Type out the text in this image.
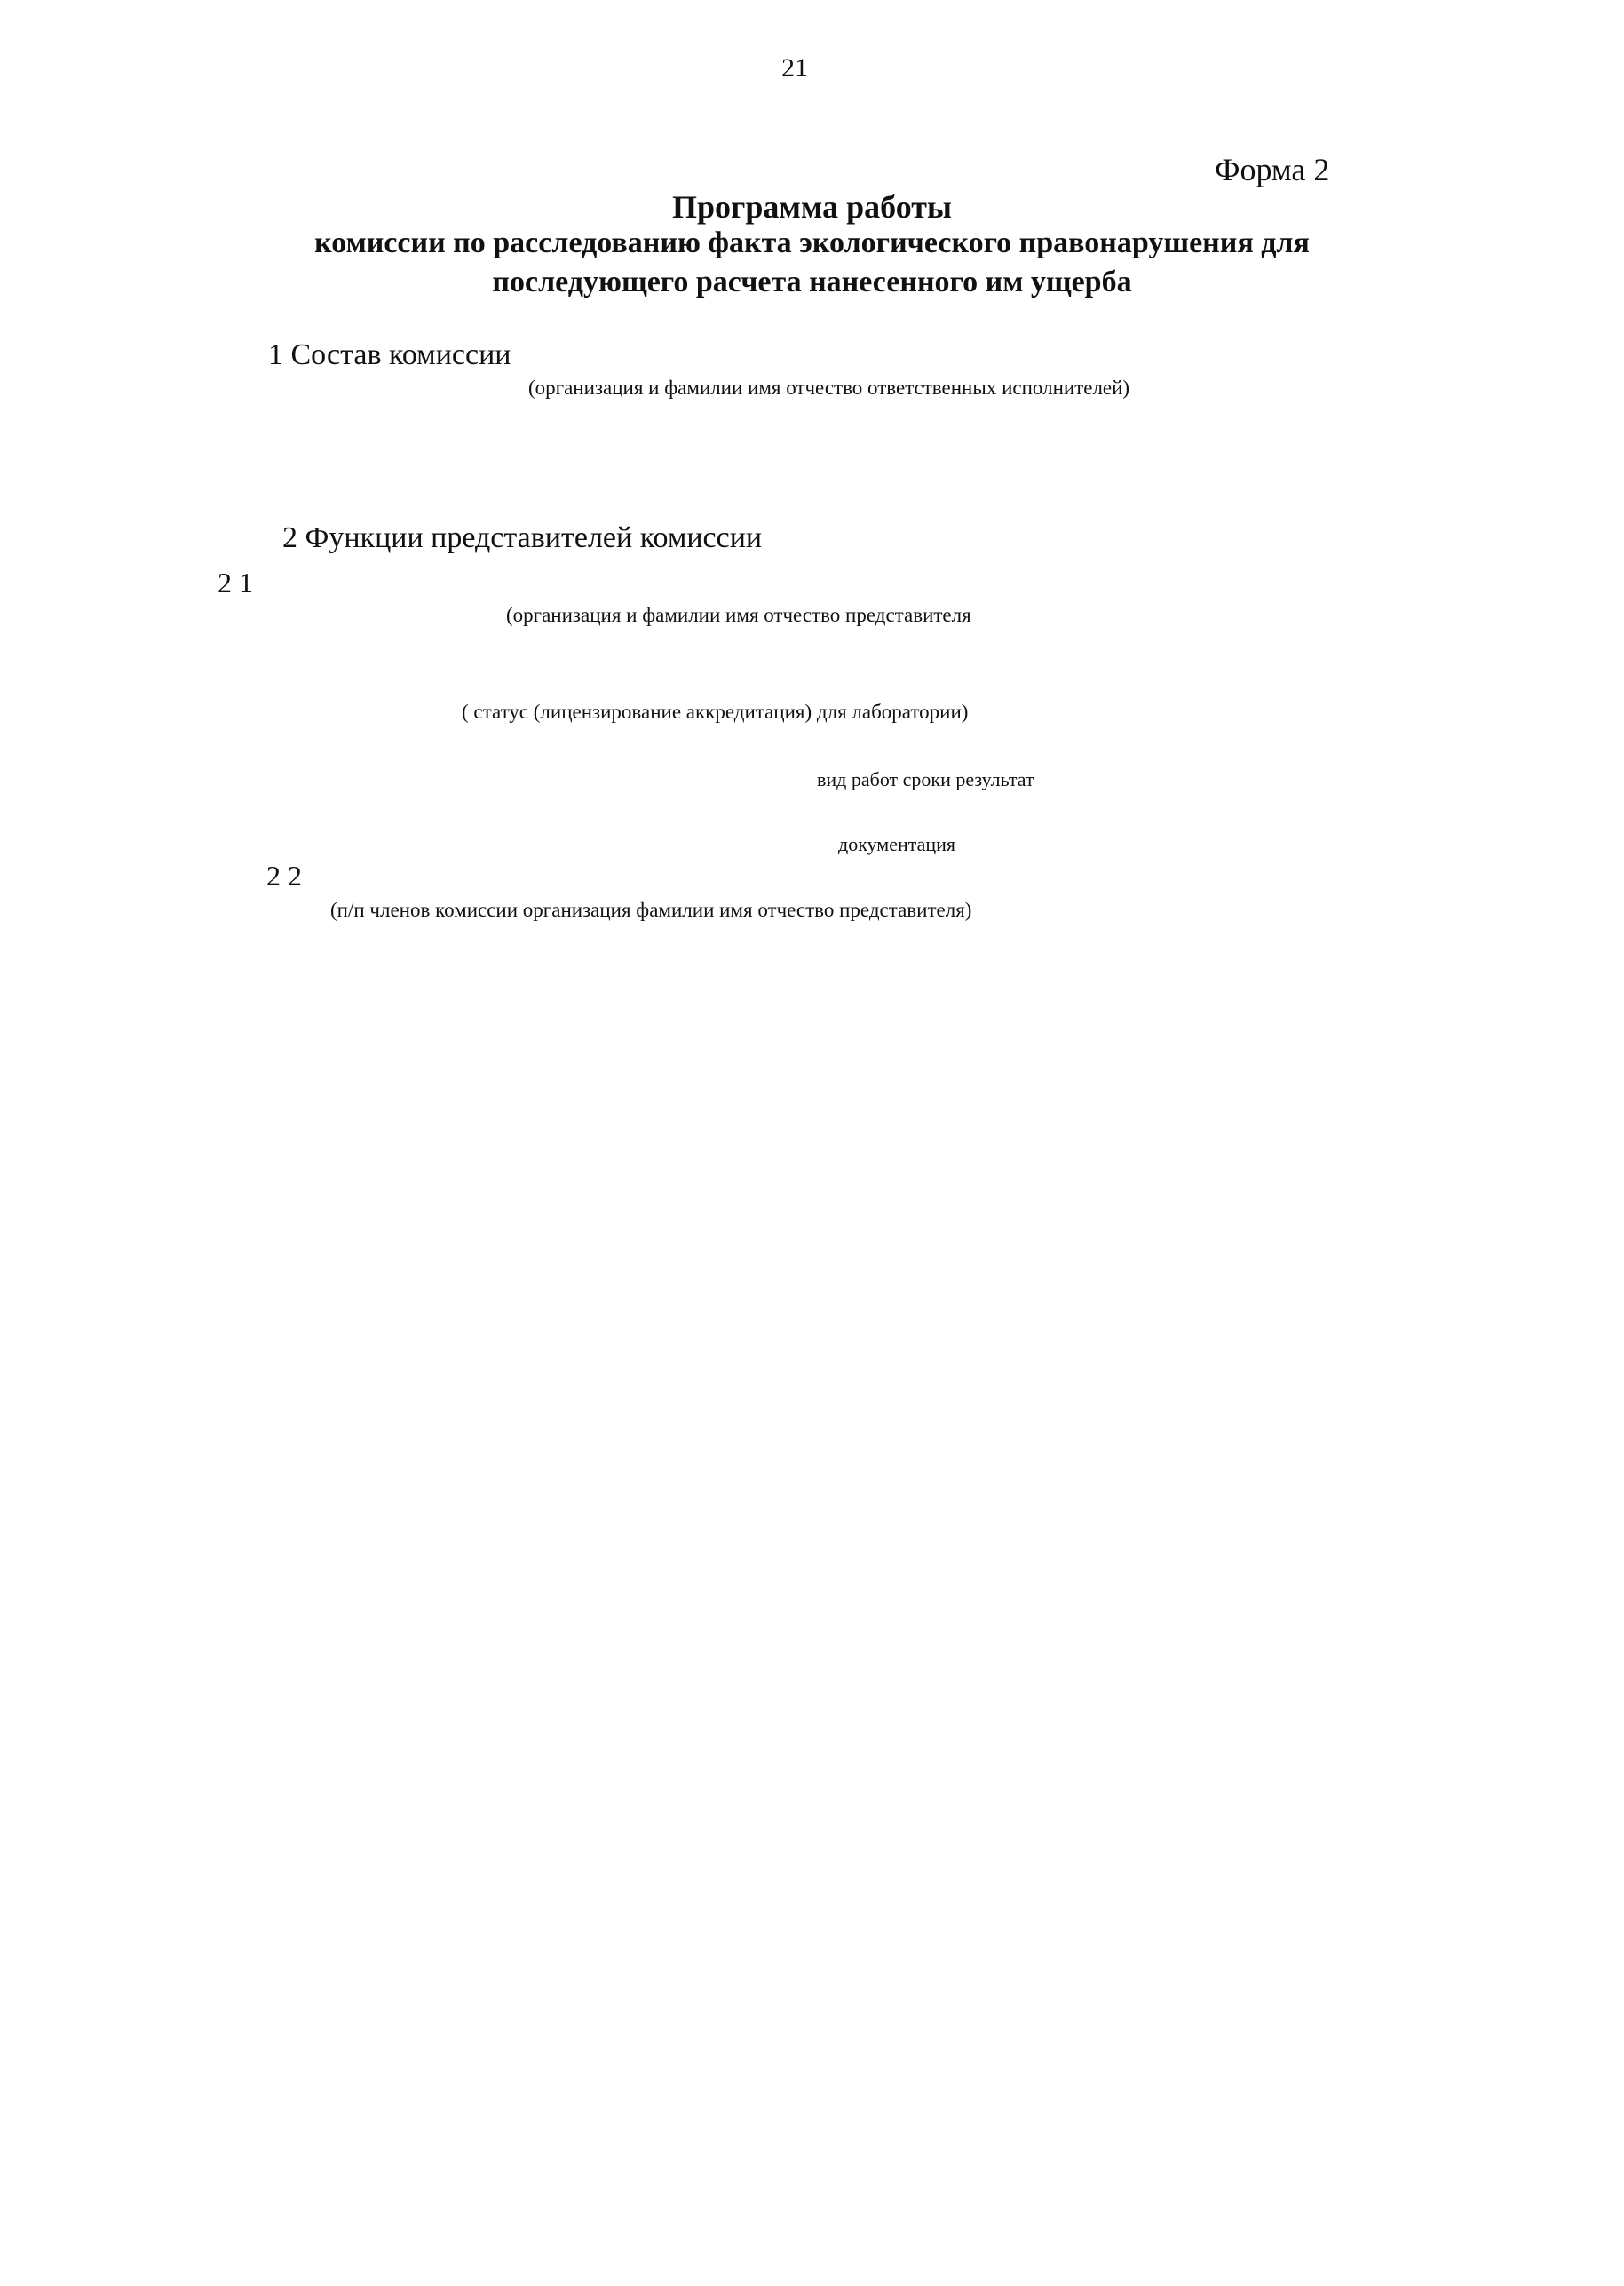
21
Форма 2
Программа работы
комиссии по расследованию факта экологического правонарушения для
последующего расчета нанесенного им ущерба
1 Состав комиссии
(организация и фамилии имя отчество ответственных исполнителей)
2 Функции представителей комиссии
2 1
(организация и фамилии имя отчество представителя
( статус (лицензирование аккредитация) для лаборатории)
вид работ сроки результат
документация
2 2
(п/п членов комиссии организация фамилии имя отчество представителя)
